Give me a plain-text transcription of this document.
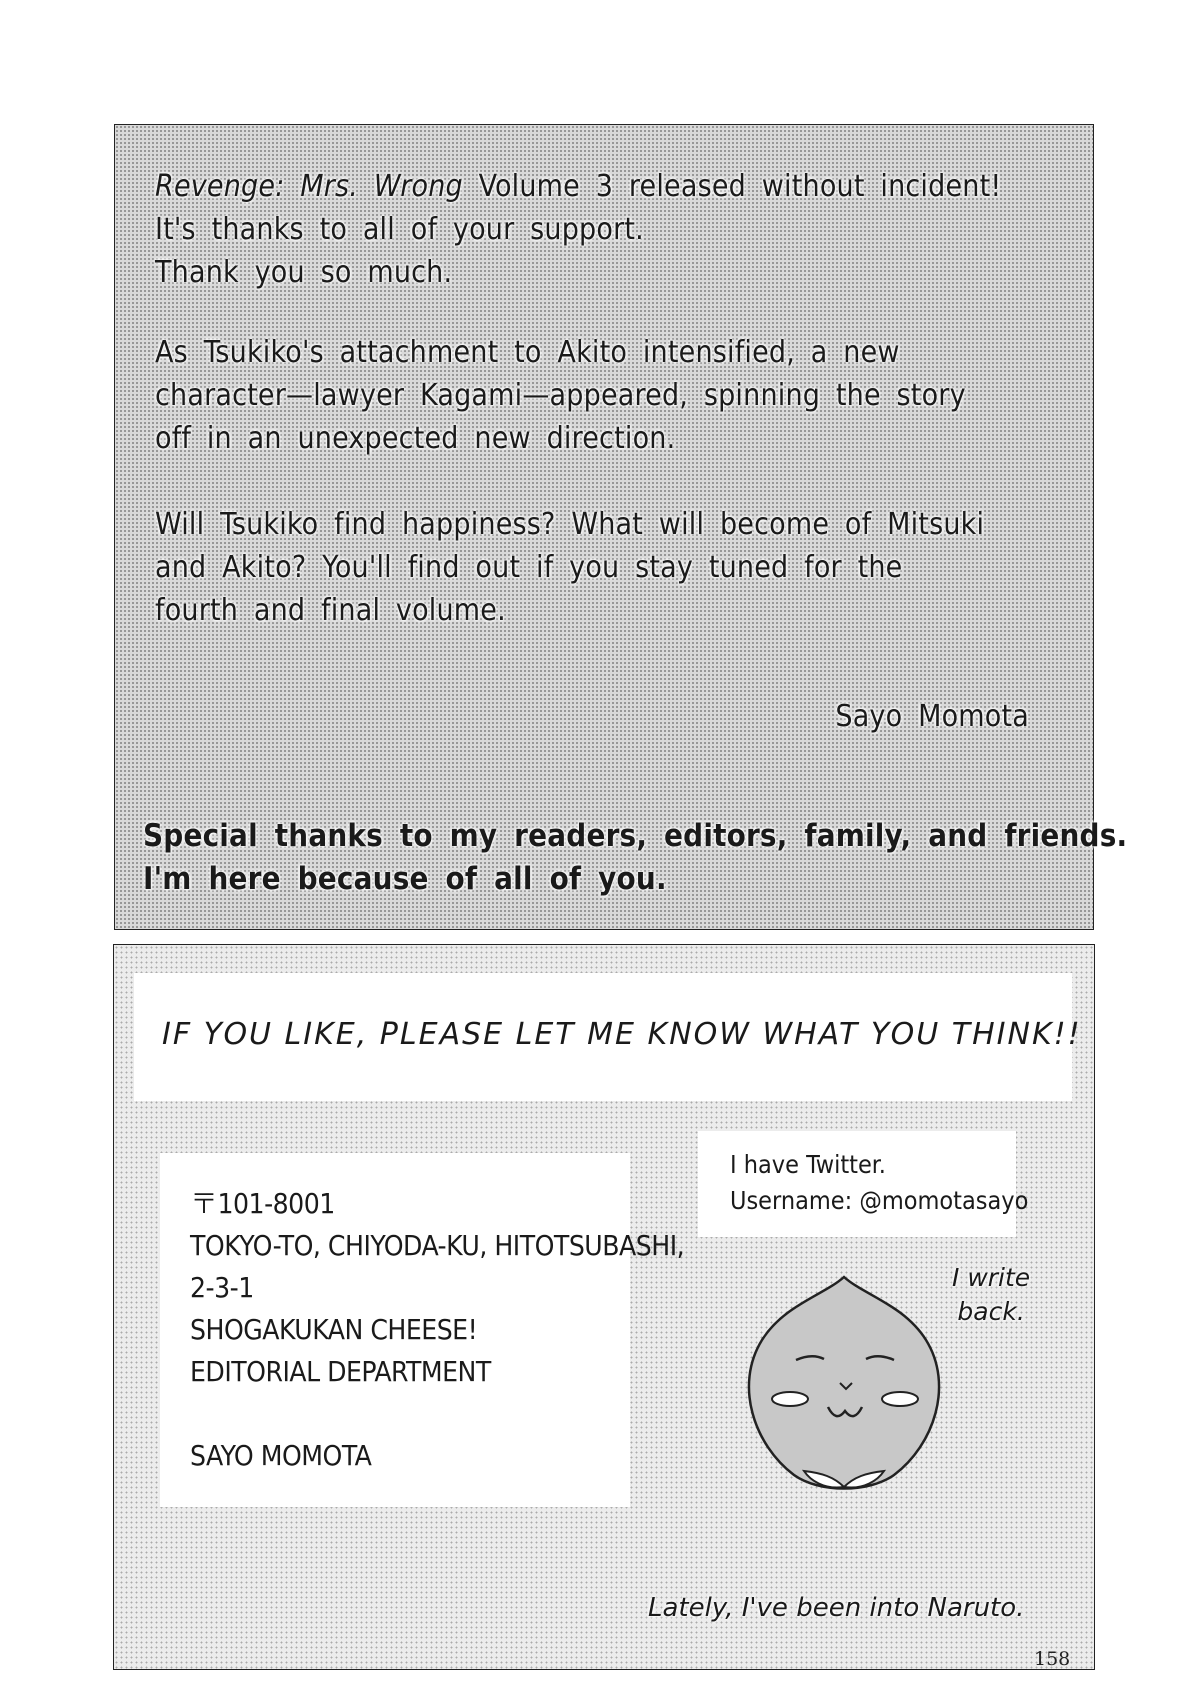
Revenge: Mrs. Wrong Volume 3 released without incident!
It's thanks to all of your support.
Thank you so much.

As Tsukiko's attachment to Akito intensified, a new
character—lawyer Kagami—appeared, spinning the story
off in an unexpected new direction.

Will Tsukiko find happiness? What will become of Mitsuki
and Akito? You'll find out if you stay tuned for the
fourth and final volume.

Sayo Momota

Special thanks to my readers, editors, family, and friends.
I'm here because of all of you.

IF YOU LIKE, PLEASE LET ME KNOW WHAT YOU THINK!!

〒101-8001
TOKYO-TO, CHIYODA-KU, HITOTSUBASHI,
2-3-1
SHOGAKUKAN CHEESE!
EDITORIAL DEPARTMENT

SAYO MOMOTA

I have Twitter.
Username: @momotasayo

I write
back.

Lately, I've been into Naruto.

158
